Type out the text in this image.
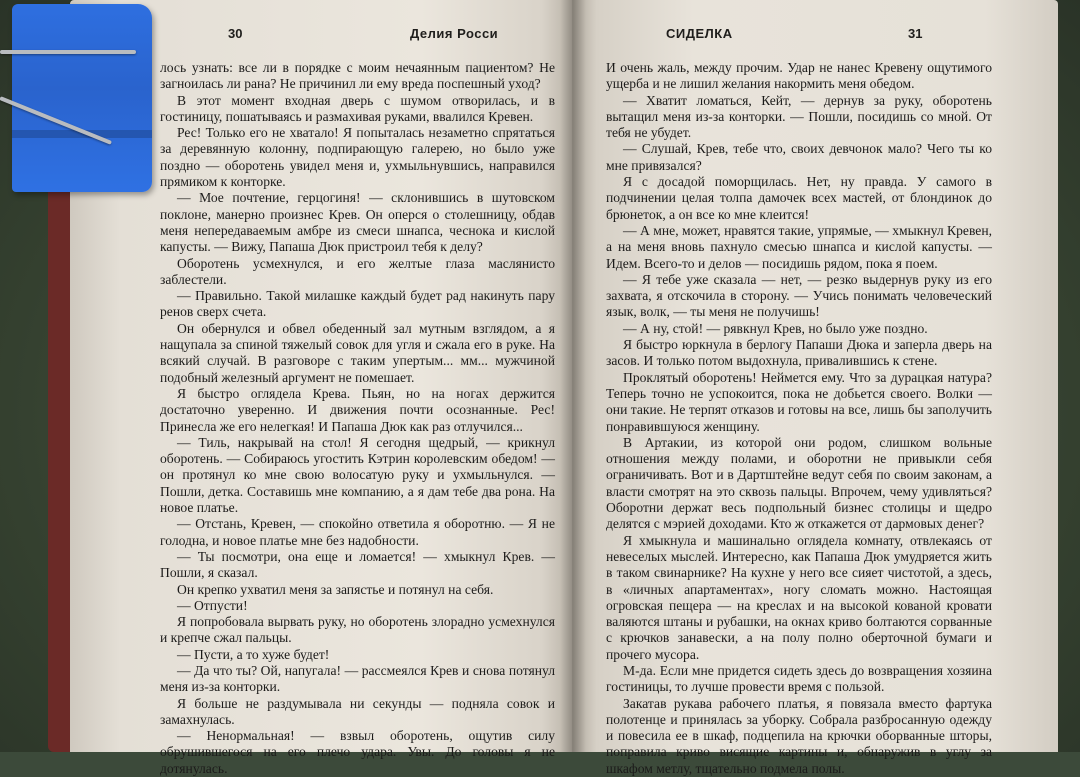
30	Делия Росси

лось узнать: все ли в порядке с моим нечаянным пациентом? Не загноилась ли рана? Не причинил ли ему вреда поспешный уход?

В этот момент входная дверь с шумом отворилась, и в гостиницу, пошатываясь и размахивая руками, ввалился Кревен.

Рес! Только его не хватало! Я попыталась незаметно спрятаться за деревянную колонну, подпирающую галерею, но было уже поздно — оборотень увидел меня и, ухмыльнувшись, направился прямиком к конторке.

— Мое почтение, герцогиня! — склонившись в шутовском поклоне, манерно произнес Крев. Он оперся о столешницу, обдав меня непередаваемым амбре из смеси шнапса, чеснока и кислой капусты. — Вижу, Папаша Дюк пристроил тебя к делу?

Оборотень усмехнулся, и его желтые глаза маслянисто заблестели.

— Правильно. Такой милашке каждый будет рад накинуть пару ренов сверх счета.

Он обернулся и обвел обеденный зал мутным взглядом, а я нащупала за спиной тяжелый совок для угля и сжала его в руке. На всякий случай. В разговоре с таким упертым... мм... мужчиной подобный железный аргумент не помешает.

Я быстро оглядела Крева. Пьян, но на ногах держится достаточно уверенно. И движения почти осознанные. Рес! Принесла же его нелегкая! И Папаша Дюк как раз отлучился...

— Тиль, накрывай на стол! Я сегодня щедрый, — крикнул оборотень. — Собираюсь угостить Кэтрин королевским обедом! — он протянул ко мне свою волосатую руку и ухмыльнулся. — Пошли, детка. Составишь мне компанию, а я дам тебе два рона. На новое платье.

— Отстань, Кревен, — спокойно ответила я оборотню. — Я не голодна, и новое платье мне без надобности.

— Ты посмотри, она еще и ломается! — хмыкнул Крев. — Пошли, я сказал.

Он крепко ухватил меня за запястье и потянул на себя.

— Отпусти!

Я попробовала вырвать руку, но оборотень злорадно усмехнулся и крепче сжал пальцы.

— Пусти, а то хуже будет!

— Да что ты? Ой, напугала! — рассмеялся Крев и снова потянул меня из-за конторки.

Я больше не раздумывала ни секунды — подняла совок и замахнулась.

— Ненормальная! — взвыл оборотень, ощутив силу обрушившегося на его плечо удара. Увы. До головы я не дотянулась.

СИДЕЛКА	31

И очень жаль, между прочим. Удар не нанес Кревену ощутимого ущерба и не лишил желания накормить меня обедом.

— Хватит ломаться, Кейт, — дернув за руку, оборотень вытащил меня из-за конторки. — Пошли, посидишь со мной. От тебя не убудет.

— Слушай, Крев, тебе что, своих девчонок мало? Чего ты ко мне привязался?

Я с досадой поморщилась. Нет, ну правда. У самого в подчинении целая толпа дамочек всех мастей, от блондинок до брюнеток, а он все ко мне клеится!

— А мне, может, нравятся такие, упрямые, — хмыкнул Кревен, а на меня вновь пахнуло смесью шнапса и кислой капусты. — Идем. Всего-то и делов — посидишь рядом, пока я поем.

— Я тебе уже сказала — нет, — резко выдернув руку из его захвата, я отскочила в сторону. — Учись понимать человеческий язык, волк, — ты меня не получишь!

— А ну, стой! — рявкнул Крев, но было уже поздно.

Я быстро юркнула в берлогу Папаши Дюка и заперла дверь на засов. И только потом выдохнула, привалившись к стене.

Проклятый оборотень! Неймется ему. Что за дурацкая натура? Теперь точно не успокоится, пока не добьется своего. Волки — они такие. Не терпят отказов и готовы на все, лишь бы заполучить понравившуюся женщину.

В Артакии, из которой они родом, слишком вольные отношения между полами, и оборотни не привыкли себя ограничивать. Вот и в Дартштейне ведут себя по своим законам, а власти смотрят на это сквозь пальцы. Впрочем, чему удивляться? Оборотни держат весь подпольный бизнес столицы и щедро делятся с мэрией доходами. Кто ж откажется от дармовых денег?

Я хмыкнула и машинально оглядела комнату, отвлекаясь от невеселых мыслей. Интересно, как Папаша Дюк умудряется жить в таком свинарнике? На кухне у него все сияет чистотой, а здесь, в «личных апартаментах», ногу сломать можно. Настоящая огровская пещера — на креслах и на высокой кованой кровати валяются штаны и рубашки, на окнах криво болтаются сорванные с крючков занавески, а на полу полно оберточной бумаги и прочего мусора.

М-да. Если мне придется сидеть здесь до возвращения хозяина гостиницы, то лучше провести время с пользой.

Закатав рукава рабочего платья, я повязала вместо фартука полотенце и принялась за уборку. Собрала разбросанную одежду и повесила ее в шкаф, подцепила на крючки оборванные шторы, поправила криво висящие картины и, обнаружив в углу за шкафом метлу, тщательно подмела полы.
